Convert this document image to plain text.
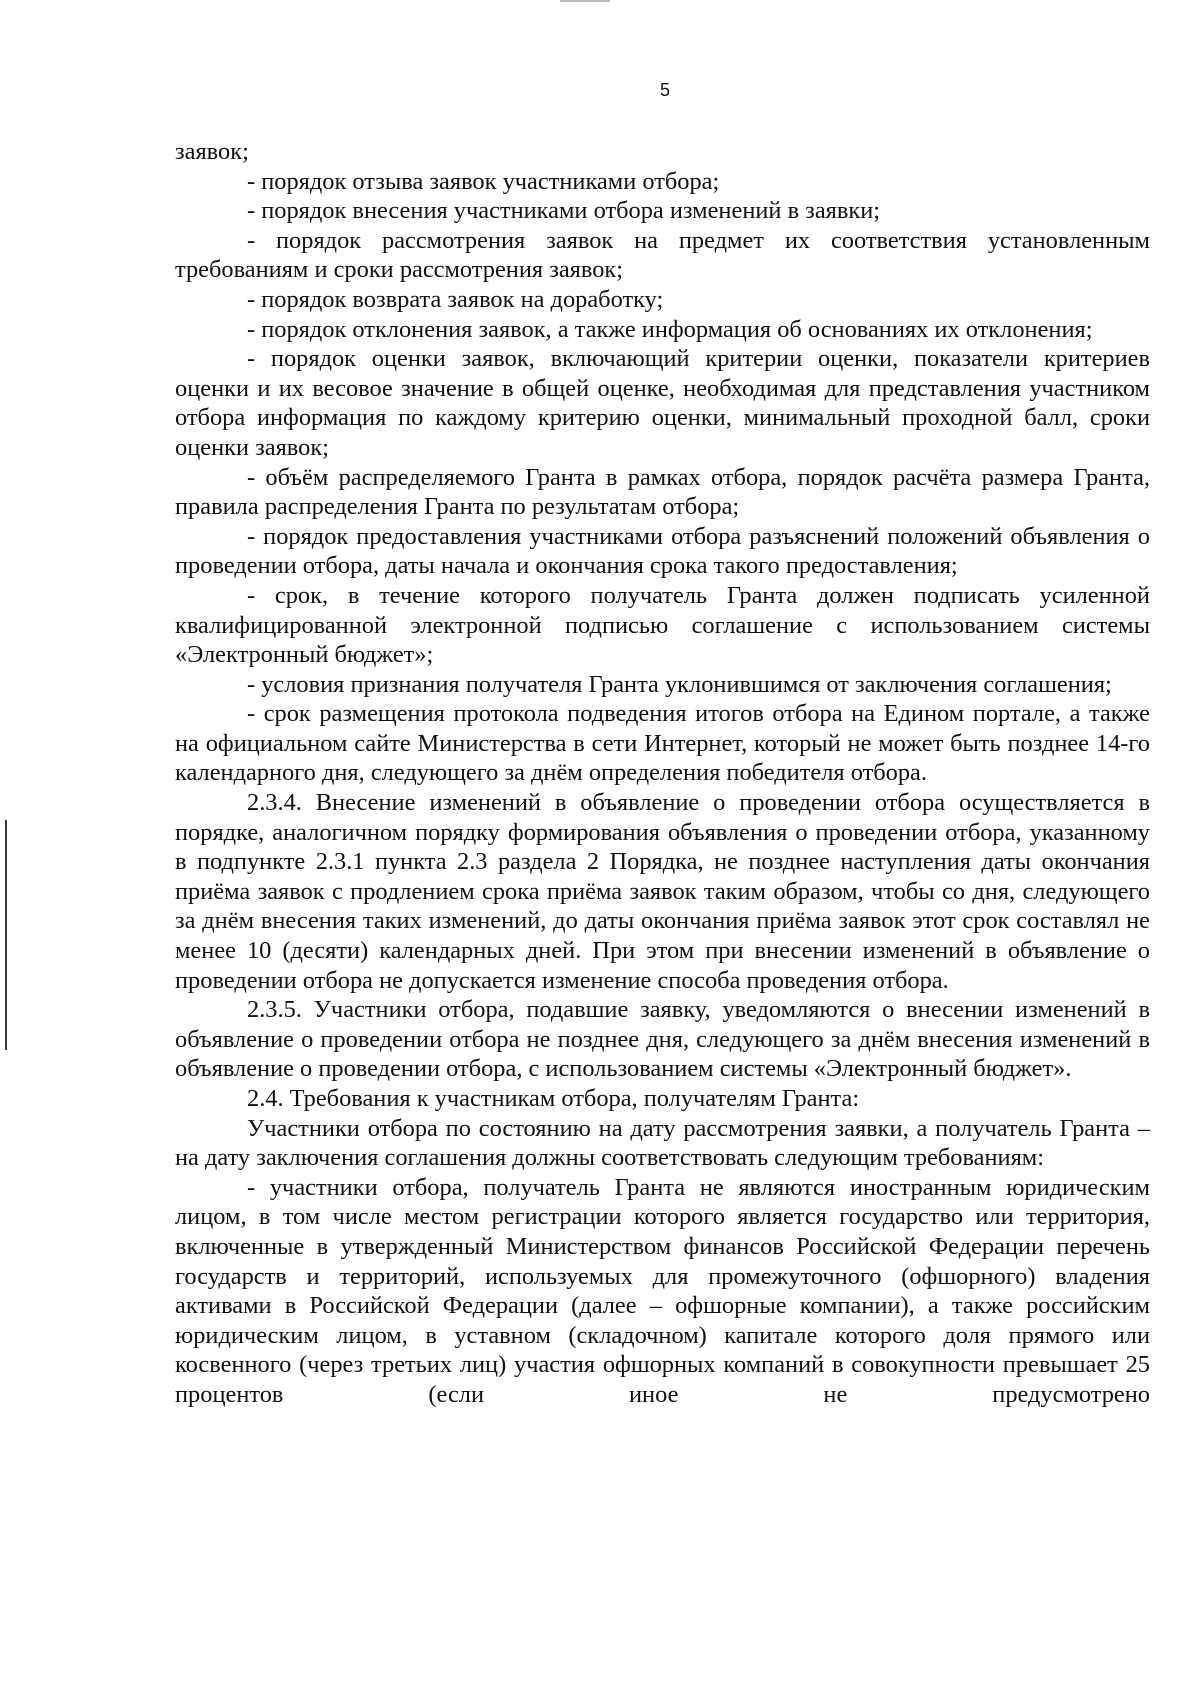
5

заявок;

- порядок отзыва заявок участниками отбора;

- порядок внесения участниками отбора изменений в заявки;

- порядок рассмотрения заявок на предмет их соответствия установленным требованиям и сроки рассмотрения заявок;

- порядок возврата заявок на доработку;

- порядок отклонения заявок, а также информация об основаниях их отклонения;

- порядок оценки заявок, включающий критерии оценки, показатели критериев оценки и их весовое значение в общей оценке, необходимая для представления участником отбора информация по каждому критерию оценки, минимальный проходной балл, сроки оценки заявок;

- объём распределяемого Гранта в рамках отбора, порядок расчёта размера Гранта, правила распределения Гранта по результатам отбора;

- порядок предоставления участниками отбора разъяснений положений объявления о проведении отбора, даты начала и окончания срока такого предоставления;

- срок, в течение которого получатель Гранта должен подписать усиленной квалифицированной электронной подписью соглашение с использованием системы «Электронный бюджет»;

- условия признания получателя Гранта уклонившимся от заключения соглашения;

- срок размещения протокола подведения итогов отбора на Едином портале, а также на официальном сайте Министерства в сети Интернет, который не может быть позднее 14-го календарного дня, следующего за днём определения победителя отбора.

2.3.4. Внесение изменений в объявление о проведении отбора осуществляется в порядке, аналогичном порядку формирования объявления о проведении отбора, указанному в подпункте 2.3.1 пункта 2.3 раздела 2 Порядка, не позднее наступления даты окончания приёма заявок с продлением срока приёма заявок таким образом, чтобы со дня, следующего за днём внесения таких изменений, до даты окончания приёма заявок этот срок составлял не менее 10 (десяти) календарных дней. При этом при внесении изменений в объявление о проведении отбора не допускается изменение способа проведения отбора.

2.3.5. Участники отбора, подавшие заявку, уведомляются о внесении изменений в объявление о проведении отбора не позднее дня, следующего за днём внесения изменений в объявление о проведении отбора, с использованием системы «Электронный бюджет».

2.4. Требования к участникам отбора, получателям Гранта:

Участники отбора по состоянию на дату рассмотрения заявки, а получатель Гранта – на дату заключения соглашения должны соответствовать следующим требованиям:

- участники отбора, получатель Гранта не являются иностранным юридическим лицом, в том числе местом регистрации которого является государство или территория, включенные в утвержденный Министерством финансов Российской Федерации перечень государств и территорий, используемых для промежуточного (офшорного) владения активами в Российской Федерации (далее – офшорные компании), а также российским юридическим лицом, в уставном (складочном) капитале которого доля прямого или косвенного (через третьих лиц) участия офшорных компаний в совокупности превышает 25 процентов (если иное не предусмотрено
